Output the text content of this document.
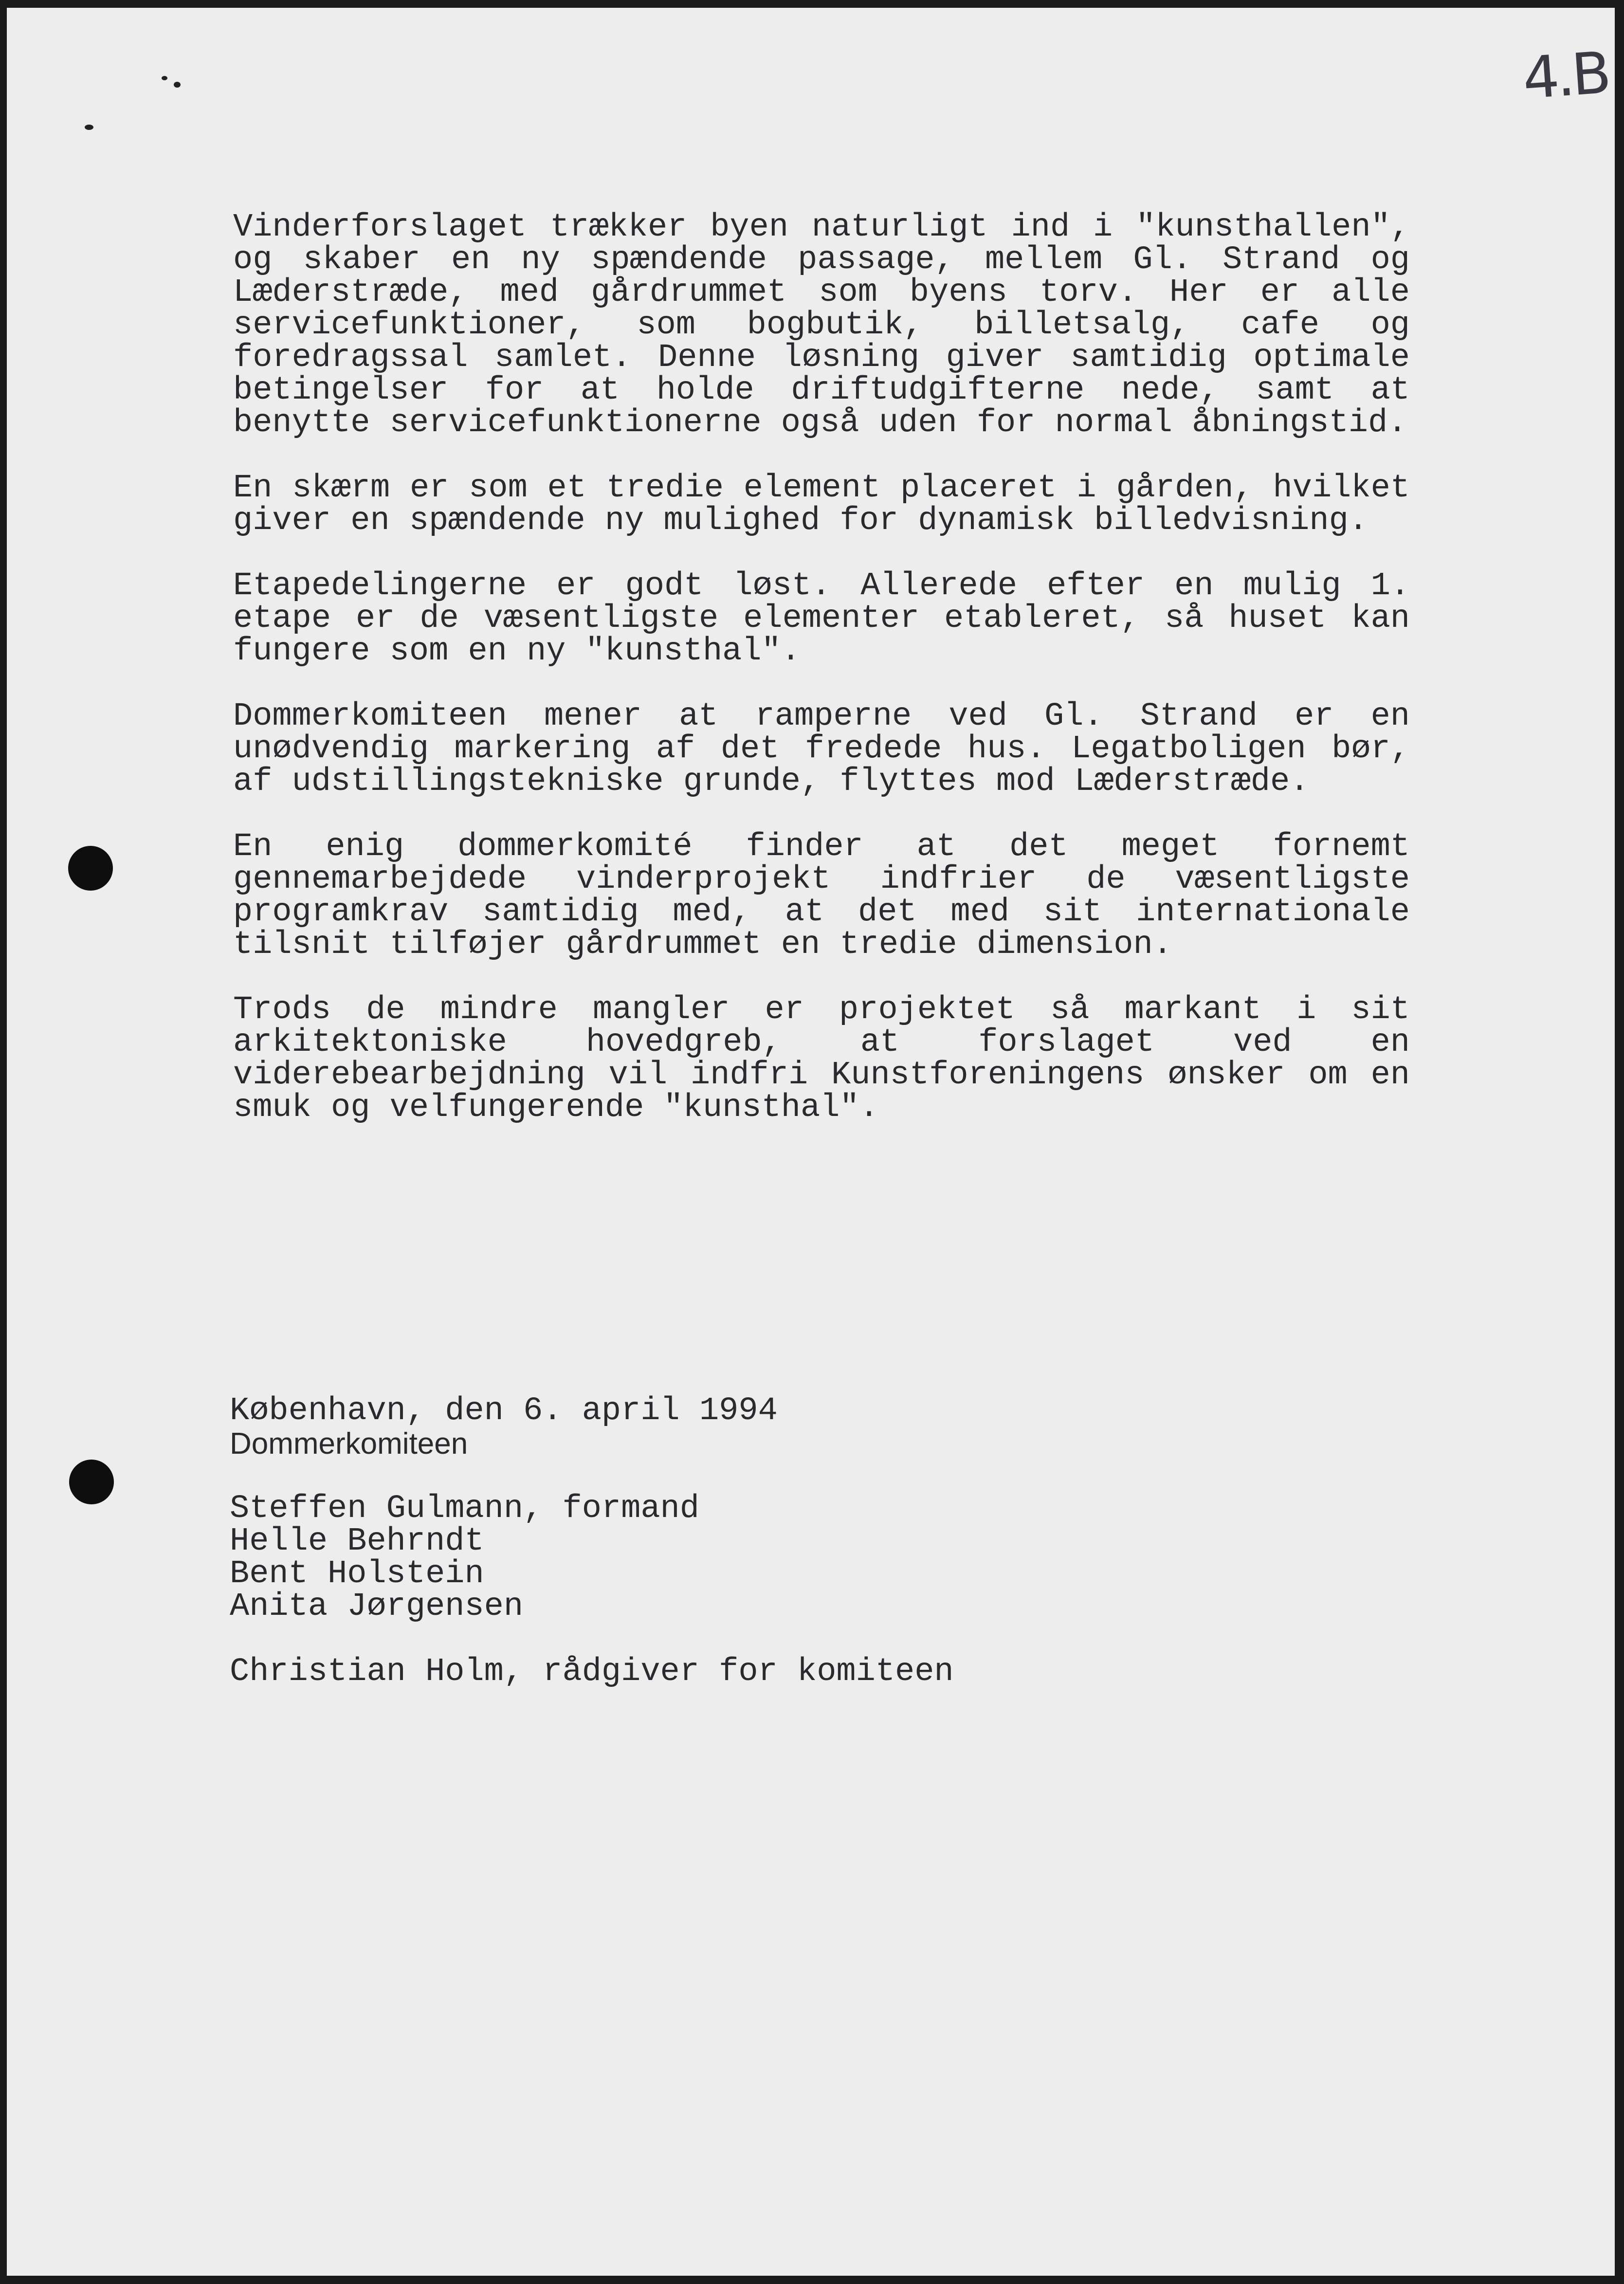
4.B

Vinderforslaget trækker byen naturligt ind i "kunsthallen", og skaber en ny spændende passage, mellem Gl. Strand og Læderstræde, med gårdrummet som byens torv. Her er alle servicefunktioner, som bogbutik, billetsalg, cafe og foredragssal samlet. Denne løsning giver samtidig optimale betingelser for at holde driftudgifterne nede, samt at benytte servicefunktionerne også uden for normal åbningstid.

En skærm er som et tredie element placeret i gården, hvilket giver en spændende ny mulighed for dynamisk billedvisning.

Etapedelingerne er godt løst. Allerede efter en mulig 1. etape er de væsentligste elementer etableret, så huset kan fungere som en ny "kunsthal".

Dommerkomiteen mener at ramperne ved Gl. Strand er en unødvendig markering af det fredede hus. Legatboligen bør, af udstillingstekniske grunde, flyttes mod Læderstræde.

En enig dommerkomité finder at det meget fornemt gennemarbejdede vinderprojekt indfrier de væsentligste programkrav samtidig med, at det med sit internationale tilsnit tilføjer gårdrummet en tredie dimension.

Trods de mindre mangler er projektet så markant i sit arkitektoniske hovedgreb, at forslaget ved en viderebearbejdning vil indfri Kunstforeningens ønsker om en smuk og velfungerende "kunsthal".

København, den 6. april 1994
Dommerkomiteen
Steffen Gulmann, formand
Helle Behrndt
Bent Holstein
Anita Jørgensen
Christian Holm, rådgiver for komiteen
